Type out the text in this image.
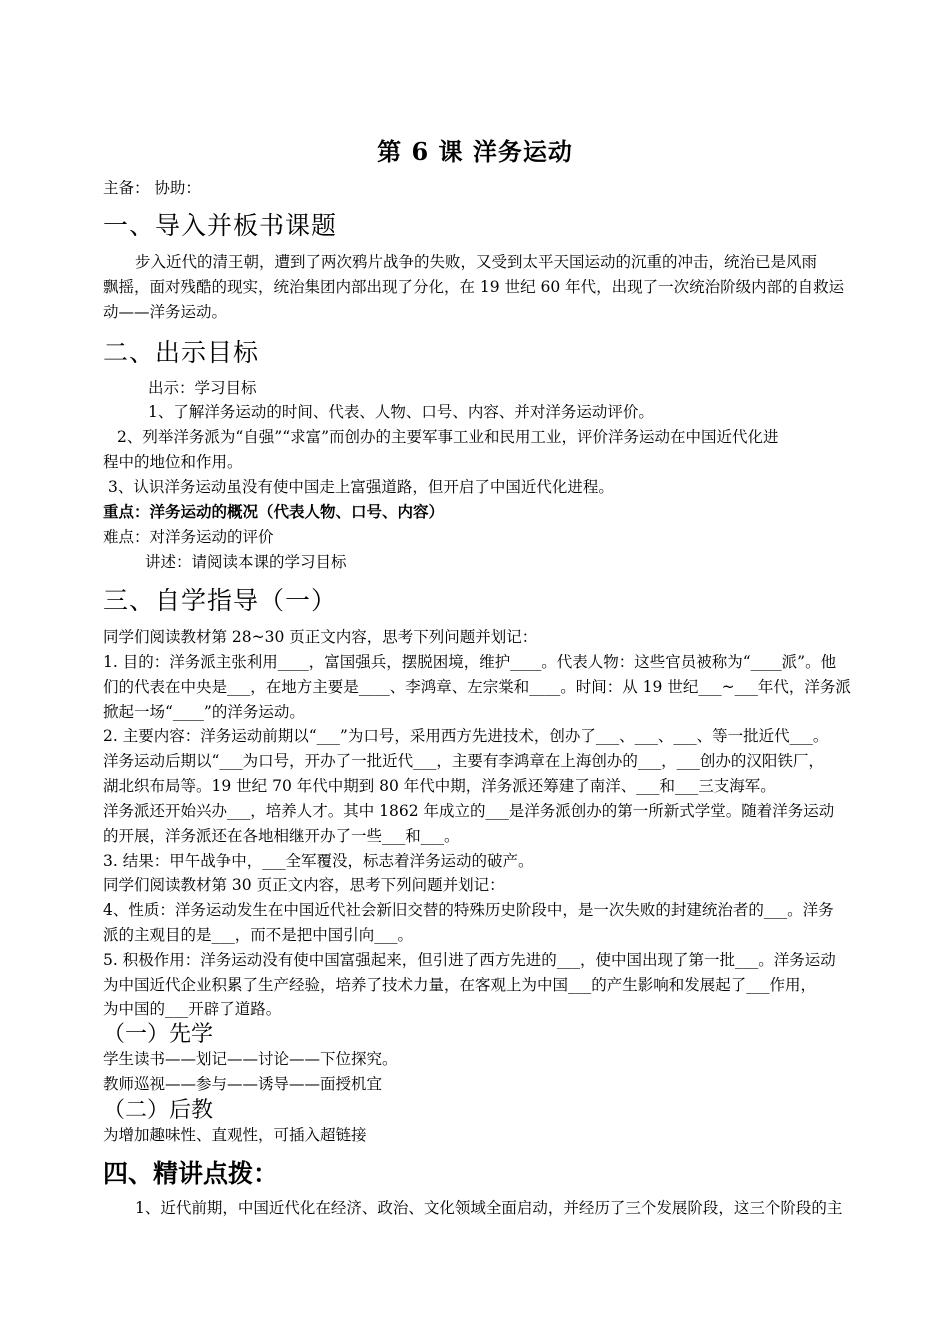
第 6 课 洋务运动
主备： 协助：
一、导入并板书课题
步入近代的清王朝，遭到了两次鸦片战争的失败，又受到太平天国运动的沉重的冲击，统治已是风雨
飘摇，面对残酷的现实，统治集团内部出现了分化，在 19 世纪 60 年代，出现了一次统治阶级内部的自救运
动——洋务运动。
二、出示目标
出示：学习目标
1、了解洋务运动的时间、代表、人物、口号、内容、并对洋务运动评价。
2、列举洋务派为“自强”“求富”而创办的主要军事工业和民用工业，评价洋务运动在中国近代化进
程中的地位和作用。
3、认识洋务运动虽没有使中国走上富强道路，但开启了中国近代化进程。
重点：洋务运动的概况（代表人物、口号、内容）
难点：对洋务运动的评价
讲述：请阅读本课的学习目标
三、自学指导（一）
同学们阅读教材第 28~30 页正文内容，思考下列问题并划记：
1. 目的：洋务派主张利用____，富国强兵，摆脱困境，维护____。代表人物：这些官员被称为“____派”。他
们的代表在中央是___，在地方主要是____、李鸿章、左宗棠和____。时间：从 19 世纪___~___年代，洋务派
掀起一场“____”的洋务运动。
2. 主要内容：洋务运动前期以“___”为口号，采用西方先进技术，创办了___、___、___、等一批近代___。
洋务运动后期以“___为口号，开办了一批近代___，主要有李鸿章在上海创办的___，___创办的汉阳铁厂，
湖北织布局等。19 世纪 70 年代中期到 80 年代中期，洋务派还筹建了南洋、___和___三支海军。
洋务派还开始兴办___，培养人才。其中 1862 年成立的___是洋务派创办的第一所新式学堂。随着洋务运动
的开展，洋务派还在各地相继开办了一些___和___。
3. 结果：甲午战争中，___全军覆没，标志着洋务运动的破产。
同学们阅读教材第 30 页正文内容，思考下列问题并划记：
4、性质：洋务运动发生在中国近代社会新旧交替的特殊历史阶段中，是一次失败的封建统治者的___。洋务
派的主观目的是___，而不是把中国引向___。
5. 积极作用：洋务运动没有使中国富强起来，但引进了西方先进的___，使中国出现了第一批___。洋务运动
为中国近代企业积累了生产经验，培养了技术力量，在客观上为中国___的产生影响和发展起了___作用，
为中国的___开辟了道路。
（一）先学
学生读书——划记——讨论——下位探究。
教师巡视——参与——诱导——面授机宜
（二）后教
为增加趣味性、直观性，可插入超链接
四、精讲点拨：
1、近代前期，中国近代化在经济、政治、文化领域全面启动，并经历了三个发展阶段，这三个阶段的主
